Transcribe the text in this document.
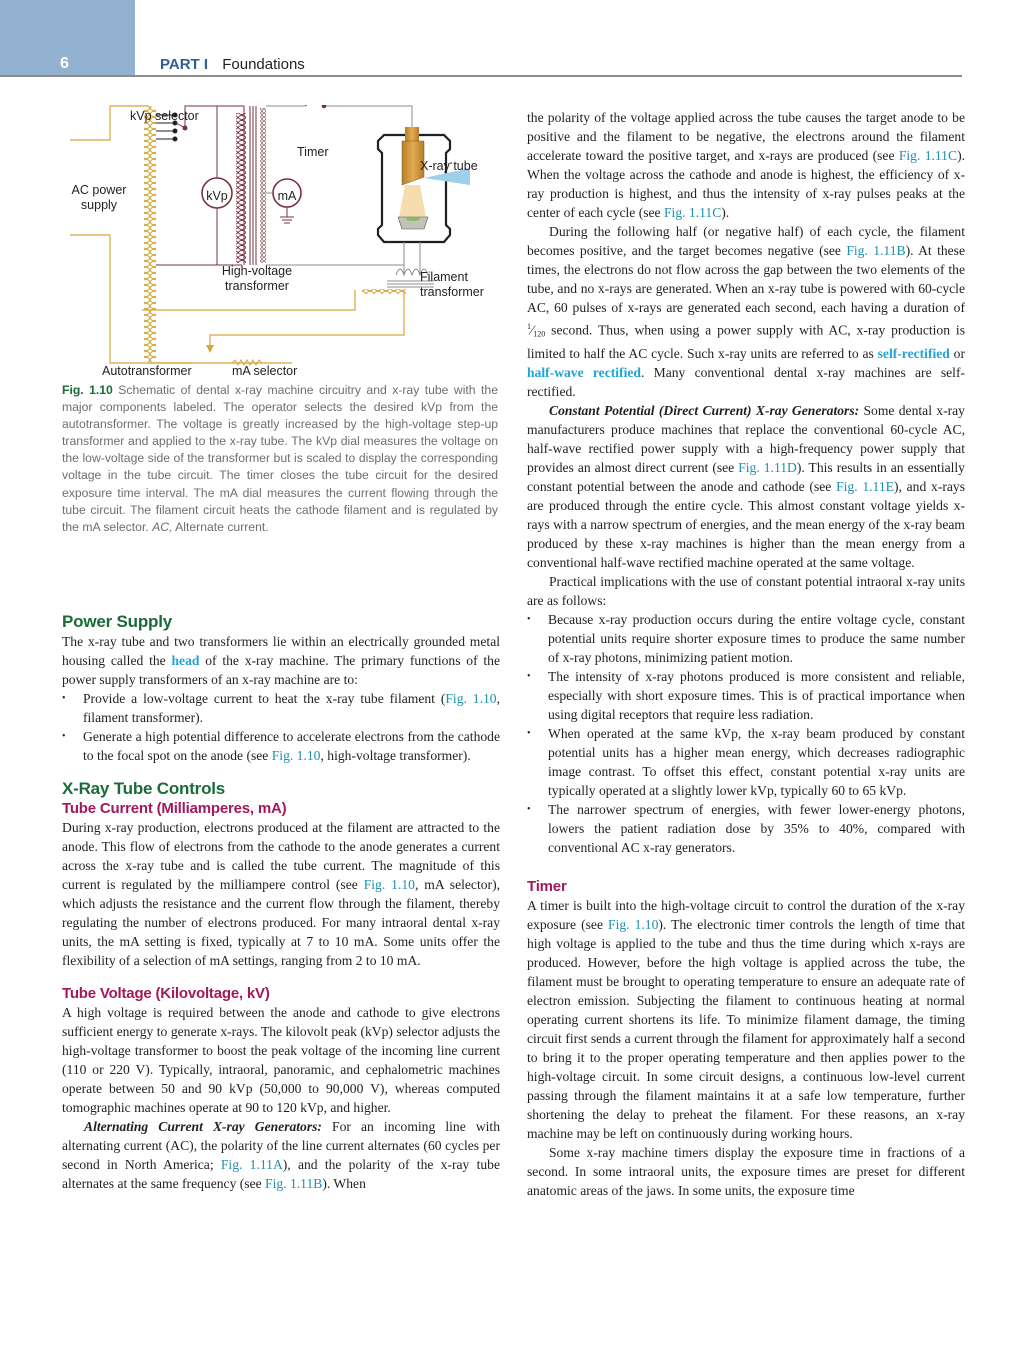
6	PART I Foundations
kVp selector
Timer
X-ray tube
AC power
supply
kVp	mA
High-voltage
transformer
Filament
transformer
Autotransformer	mA selector
Fig. 1.10 Schematic of dental x-ray machine circuitry and x-ray tube with the major components labeled. The operator selects the desired kVp from the autotransformer. The voltage is greatly increased by the high-voltage step-up transformer and applied to the x-ray tube. The kVp dial measures the voltage on the low-voltage side of the transformer but is scaled to display the corresponding voltage in the tube circuit. The timer closes the tube circuit for the desired exposure time interval. The mA dial measures the current flowing through the tube circuit. The filament circuit heats the cathode filament and is regulated by the mA selector. AC, Alternate current.
Power Supply

The x-ray tube and two transformers lie within an electrically grounded metal housing called the head of the x-ray machine. The primary functions of the power supply transformers of an x-ray machine are to:

• Provide a low-voltage current to heat the x-ray tube filament (Fig. 1.10, filament transformer).
• Generate a high potential difference to accelerate electrons from the cathode to the focal spot on the anode (see Fig. 1.10, high-voltage transformer).
X-Ray Tube Controls
Tube Current (Milliamperes, mA)

During x-ray production, electrons produced at the filament are attracted to the anode. This flow of electrons from the cathode to the anode generates a current across the x-ray tube and is called the tube current. The magnitude of this current is regulated by the milliampere control (see Fig. 1.10, mA selector), which adjusts the resistance and the current flow through the filament, thereby regulating the number of electrons produced. For many intraoral dental x-ray units, the mA setting is fixed, typically at 7 to 10 mA. Some units offer the flexibility of a selection of mA settings, ranging from 2 to 10 mA.

Tube Voltage (Kilovoltage, kV)

A high voltage is required between the anode and cathode to give electrons sufficient energy to generate x-rays. The kilovolt peak (kVp) selector adjusts the high-voltage transformer to boost the peak voltage of the incoming line current (110 or 220 V). Typically, intraoral, panoramic, and cephalometric machines operate between 50 and 90 kVp (50,000 to 90,000 V), whereas computed tomographic machines operate at 90 to 120 kVp, and higher.

Alternating Current X-ray Generators: For an incoming line with alternating current (AC), the polarity of the line current alternates (60 cycles per second in North America; Fig. 1.11A), and the polarity of the x-ray tube alternates at the same frequency (see Fig. 1.11B). When

the polarity of the voltage applied across the tube causes the target anode to be positive and the filament to be negative, the electrons around the filament accelerate toward the positive target, and x-rays are produced (see Fig. 1.11C). When the voltage across the cathode and anode is highest, the efficiency of x-ray production is highest, and thus the intensity of x-ray pulses peaks at the center of each cycle (see Fig. 1.11C).

During the following half (or negative half) of each cycle, the filament becomes positive, and the target becomes negative (see Fig. 1.11B). At these times, the electrons do not flow across the gap between the two elements of the tube, and no x-rays are generated. When an x-ray tube is powered with 60-cycle AC, 60 pulses of x-rays are generated each second, each having a duration of $^1⁄_{120}$ second. Thus, when using a power supply with AC, x-ray production is limited to half the AC cycle. Such x-ray units are referred to as self-rectified or half-wave rectified. Many conventional dental x-ray machines are self-rectified.

Constant Potential (Direct Current) X-ray Generators: Some dental x-ray manufacturers produce machines that replace the conventional 60-cycle AC, half-wave rectified power supply with a high-frequency power supply that provides an almost direct current (see Fig. 1.11D). This results in an essentially constant potential between the anode and cathode (see Fig. 1.11E), and x-rays are produced through the entire cycle. This almost constant voltage yields x-rays with a narrow spectrum of energies, and the mean energy of the x-ray beam produced by these x-ray machines is higher than the mean energy from a conventional half-wave rectified machine operated at the same voltage.

Practical implications with the use of constant potential intraoral x-ray units are as follows:

• Because x-ray production occurs during the entire voltage cycle, constant potential units require shorter exposure times to produce the same number of x-ray photons, minimizing patient motion.
• The intensity of x-ray photons produced is more consistent and reliable, especially with short exposure times. This is of practical importance when using digital receptors that require less radiation.
• When operated at the same kVp, the x-ray beam produced by constant potential units has a higher mean energy, which decreases radiographic image contrast. To offset this effect, constant potential x-ray units are typically operated at a slightly lower kVp, typically 60 to 65 kVp.
• The narrower spectrum of energies, with fewer lower-energy photons, lowers the patient radiation dose by 35% to 40%, compared with conventional AC x-ray generators.
Timer

A timer is built into the high-voltage circuit to control the duration of the x-ray exposure (see Fig. 1.10). The electronic timer controls the length of time that high voltage is applied to the tube and thus the time during which x-rays are produced. However, before the high voltage is applied across the tube, the filament must be brought to operating temperature to ensure an adequate rate of electron emission. Subjecting the filament to continuous heating at normal operating current shortens its life. To minimize filament damage, the timing circuit first sends a current through the filament for approximately half a second to bring it to the proper operating temperature and then applies power to the high-voltage circuit. In some circuit designs, a continuous low-level current passing through the filament maintains it at a safe low temperature, further shortening the delay to preheat the filament. For these reasons, an x-ray machine may be left on continuously during working hours.

Some x-ray machine timers display the exposure time in fractions of a second. In some intraoral units, the exposure times are preset for different anatomic areas of the jaws. In some units, the exposure time
